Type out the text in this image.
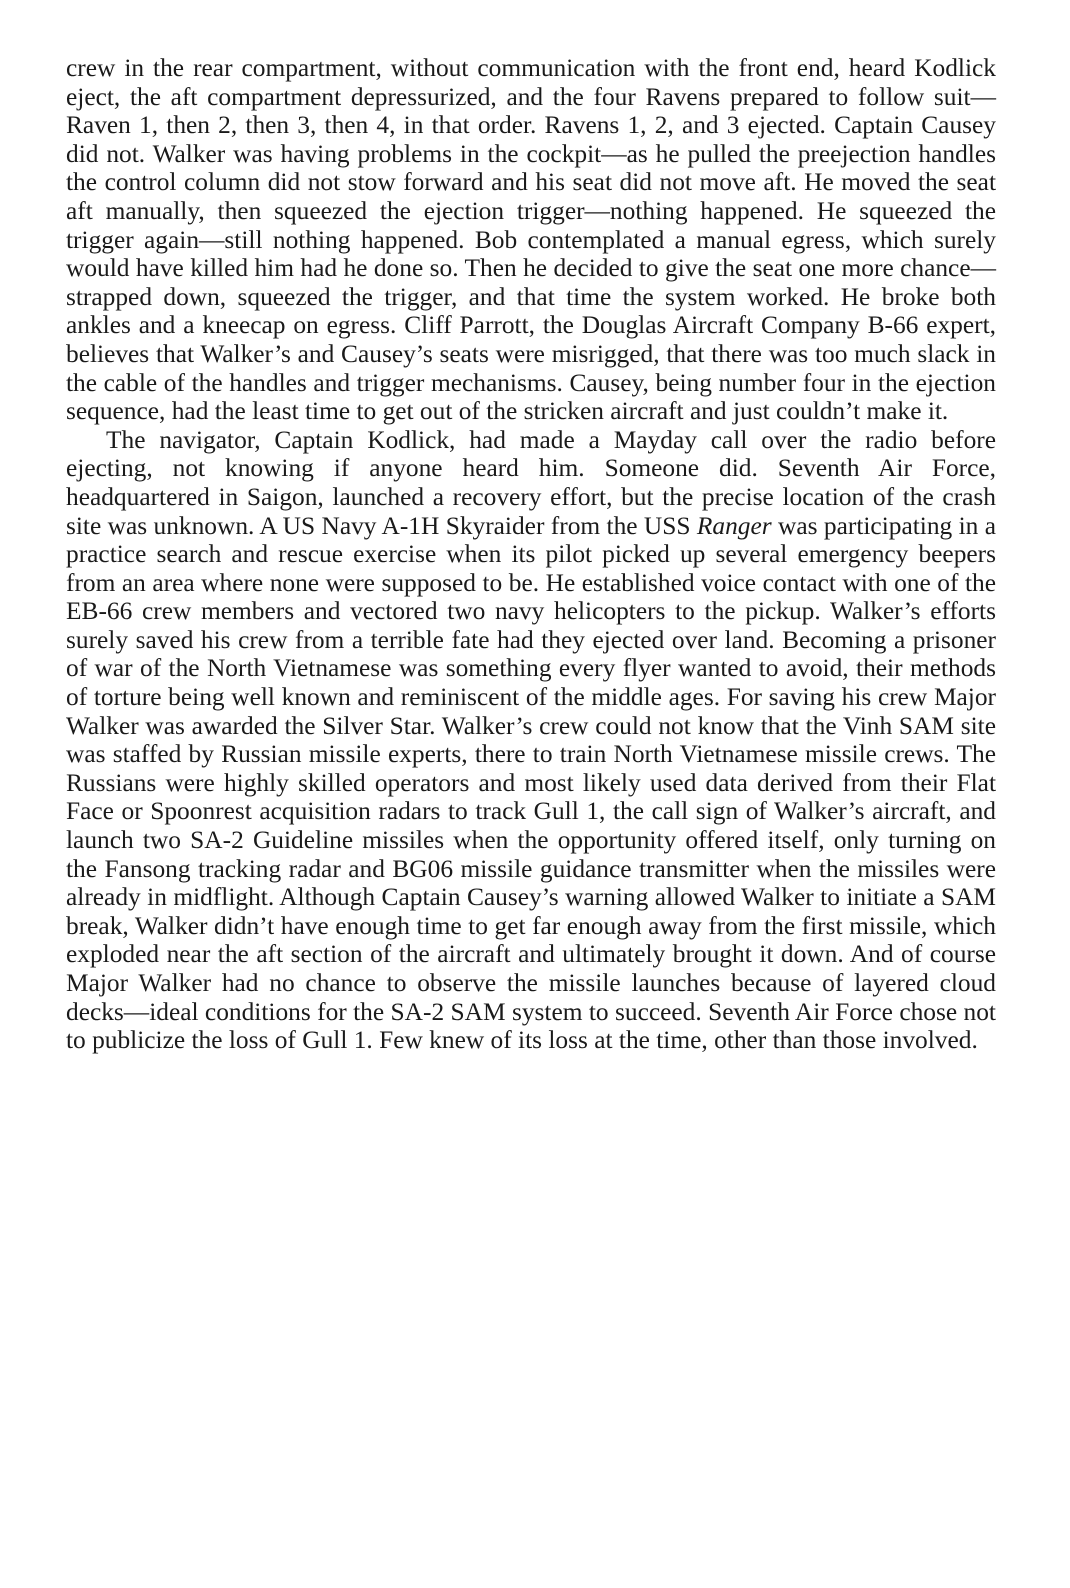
crew in the rear compartment, without communication with the front end, heard Kodlick eject, the aft compartment depressurized, and the four Ravens prepared to follow suit—Raven 1, then 2, then 3, then 4, in that order. Ravens 1, 2, and 3 ejected. Captain Causey did not. Walker was having problems in the cockpit—as he pulled the preejection handles the control column did not stow forward and his seat did not move aft. He moved the seat aft manually, then squeezed the ejection trigger—nothing happened. He squeezed the trigger again—still nothing happened. Bob contemplated a manual egress, which surely would have killed him had he done so. Then he decided to give the seat one more chance—strapped down, squeezed the trigger, and that time the system worked. He broke both ankles and a kneecap on egress. Cliff Parrott, the Douglas Aircraft Company B-66 expert, believes that Walker’s and Causey’s seats were misrigged, that there was too much slack in the cable of the handles and trigger mechanisms. Causey, being number four in the ejection sequence, had the least time to get out of the stricken aircraft and just couldn’t make it.

The navigator, Captain Kodlick, had made a Mayday call over the radio before ejecting, not knowing if anyone heard him. Someone did. Seventh Air Force, headquartered in Saigon, launched a recovery effort, but the precise location of the crash site was unknown. A US Navy A-1H Skyraider from the USS Ranger was participating in a practice search and rescue exercise when its pilot picked up several emergency beepers from an area where none were supposed to be. He established voice contact with one of the EB-66 crew members and vectored two navy helicopters to the pickup. Walker’s efforts surely saved his crew from a terrible fate had they ejected over land. Becoming a prisoner of war of the North Vietnamese was something every flyer wanted to avoid, their methods of torture being well known and reminiscent of the middle ages. For saving his crew Major Walker was awarded the Silver Star. Walker’s crew could not know that the Vinh SAM site was staffed by Russian missile experts, there to train North Vietnamese missile crews. The Russians were highly skilled operators and most likely used data derived from their Flat Face or Spoonrest acquisition radars to track Gull 1, the call sign of Walker’s aircraft, and launch two SA-2 Guideline missiles when the opportunity offered itself, only turning on the Fansong tracking radar and BG06 missile guidance transmitter when the missiles were already in midflight. Although Captain Causey’s warning allowed Walker to initiate a SAM break, Walker didn’t have enough time to get far enough away from the first missile, which exploded near the aft section of the aircraft and ultimately brought it down. And of course Major Walker had no chance to observe the missile launches because of layered cloud decks—ideal conditions for the SA-2 SAM system to succeed. Seventh Air Force chose not to publicize the loss of Gull 1. Few knew of its loss at the time, other than those involved.
